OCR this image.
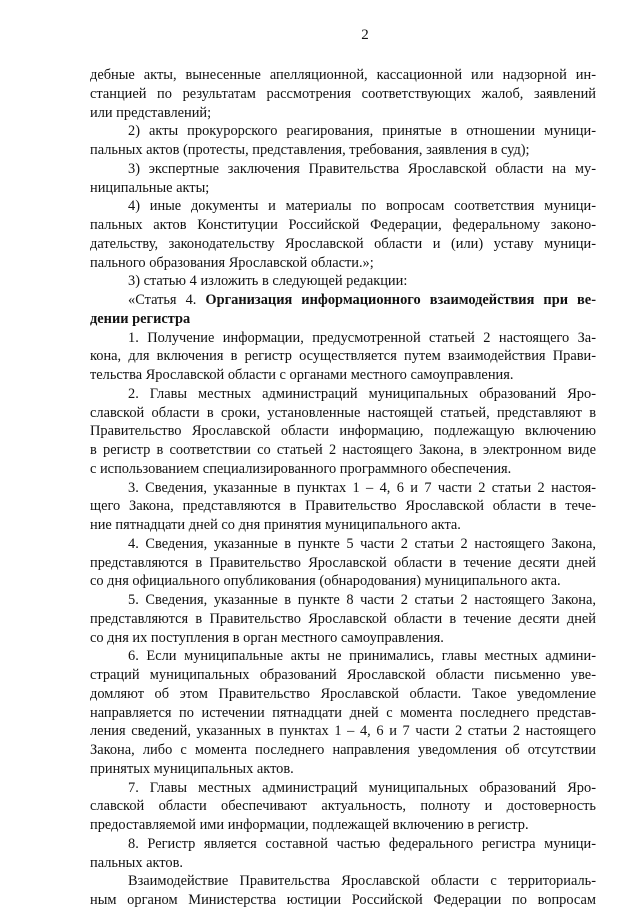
2
дебные акты, вынесенные апелляционной, кассационной или надзорной ин-
станцией по результатам рассмотрения соответствующих жалоб, заявлений
или представлений;
2) акты прокурорского реагирования, принятые в отношении муници-
пальных актов (протесты, представления, требования, заявления в суд);
3) экспертные заключения Правительства Ярославской области на му-
ниципальные акты;
4) иные документы и материалы по вопросам соответствия муници-
пальных актов Конституции Российской Федерации, федеральному законо-
дательству, законодательству Ярославской области и (или) уставу муници-
пального образования Ярославской области.»;
3) статью 4 изложить в следующей редакции:
«Статья 4. Организация информационного взаимодействия при ве-
дении регистра
1. Получение информации, предусмотренной статьей 2 настоящего За-
кона, для включения в регистр осуществляется путем взаимодействия Прави-
тельства Ярославской области с органами местного самоуправления.
2. Главы местных администраций муниципальных образований Яро-
славской области в сроки, установленные настоящей статьей, представляют в
Правительство Ярославской области информацию, подлежащую включению
в регистр в соответствии со статьей 2 настоящего Закона, в электронном виде
с использованием специализированного программного обеспечения.
3. Сведения, указанные в пунктах 1 – 4, 6 и 7 части 2 статьи 2 настоя-
щего Закона, представляются в Правительство Ярославской области в тече-
ние пятнадцати дней со дня принятия муниципального акта.
4. Сведения, указанные в пункте 5 части 2 статьи 2 настоящего Закона,
представляются в Правительство Ярославской области в течение десяти дней
со дня официального опубликования (обнародования) муниципального акта.
5. Сведения, указанные в пункте 8 части 2 статьи 2 настоящего Закона,
представляются в Правительство Ярославской области в течение десяти дней
со дня их поступления в орган местного самоуправления.
6. Если муниципальные акты не принимались, главы местных админи-
страций муниципальных образований Ярославской области письменно уве-
домляют об этом Правительство Ярославской области. Такое уведомление
направляется по истечении пятнадцати дней с момента последнего представ-
ления сведений, указанных в пунктах 1 – 4, 6 и 7 части 2 статьи 2 настоящего
Закона, либо с момента последнего направления уведомления об отсутствии
принятых муниципальных актов.
7. Главы местных администраций муниципальных образований Яро-
славской области обеспечивают актуальность, полноту и достоверность
предоставляемой ими информации, подлежащей включению в регистр.
8. Регистр является составной частью федерального регистра муници-
пальных актов.
Взаимодействие Правительства Ярославской области с территориаль-
ным органом Министерства юстиции Российской Федерации по вопросам
